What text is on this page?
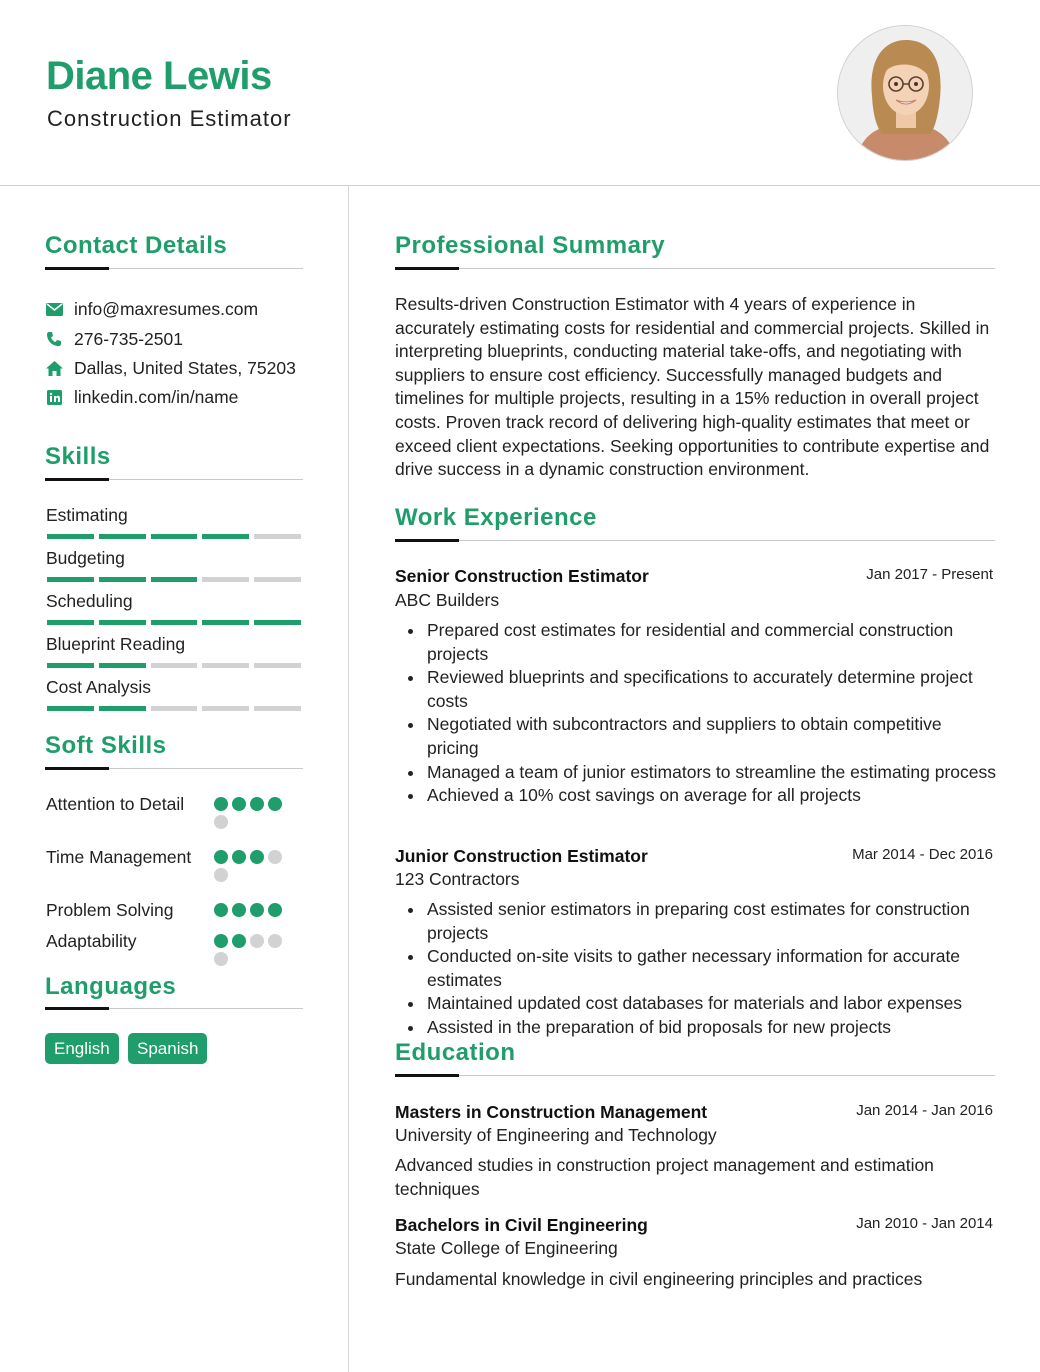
Diane Lewis
Construction Estimator
Contact Details
info@maxresumes.com
276-735-2501
Dallas, United States, 75203
linkedin.com/in/name
Skills
Estimating
Budgeting
Scheduling
Blueprint Reading
Cost Analysis
Soft Skills
Attention to Detail
Time Management
Problem Solving
Adaptability
Languages
English	Spanish
Professional Summary
Results-driven Construction Estimator with 4 years of experience in accurately estimating costs for residential and commercial projects. Skilled in interpreting blueprints, conducting material take-offs, and negotiating with suppliers to ensure cost efficiency. Successfully managed budgets and timelines for multiple projects, resulting in a 15% reduction in overall project costs. Proven track record of delivering high-quality estimates that meet or exceed client expectations. Seeking opportunities to contribute expertise and drive success in a dynamic construction environment.
Work Experience
Senior Construction Estimator	Jan 2017 - Present
ABC Builders
Prepared cost estimates for residential and commercial construction projects
Reviewed blueprints and specifications to accurately determine project costs
Negotiated with subcontractors and suppliers to obtain competitive pricing
Managed a team of junior estimators to streamline the estimating process
Achieved a 10% cost savings on average for all projects
Junior Construction Estimator	Mar 2014 - Dec 2016
123 Contractors
Assisted senior estimators in preparing cost estimates for construction projects
Conducted on-site visits to gather necessary information for accurate estimates
Maintained updated cost databases for materials and labor expenses
Assisted in the preparation of bid proposals for new projects
Education
Masters in Construction Management	Jan 2014 - Jan 2016
University of Engineering and Technology
Advanced studies in construction project management and estimation techniques
Bachelors in Civil Engineering	Jan 2010 - Jan 2014
State College of Engineering
Fundamental knowledge in civil engineering principles and practices
